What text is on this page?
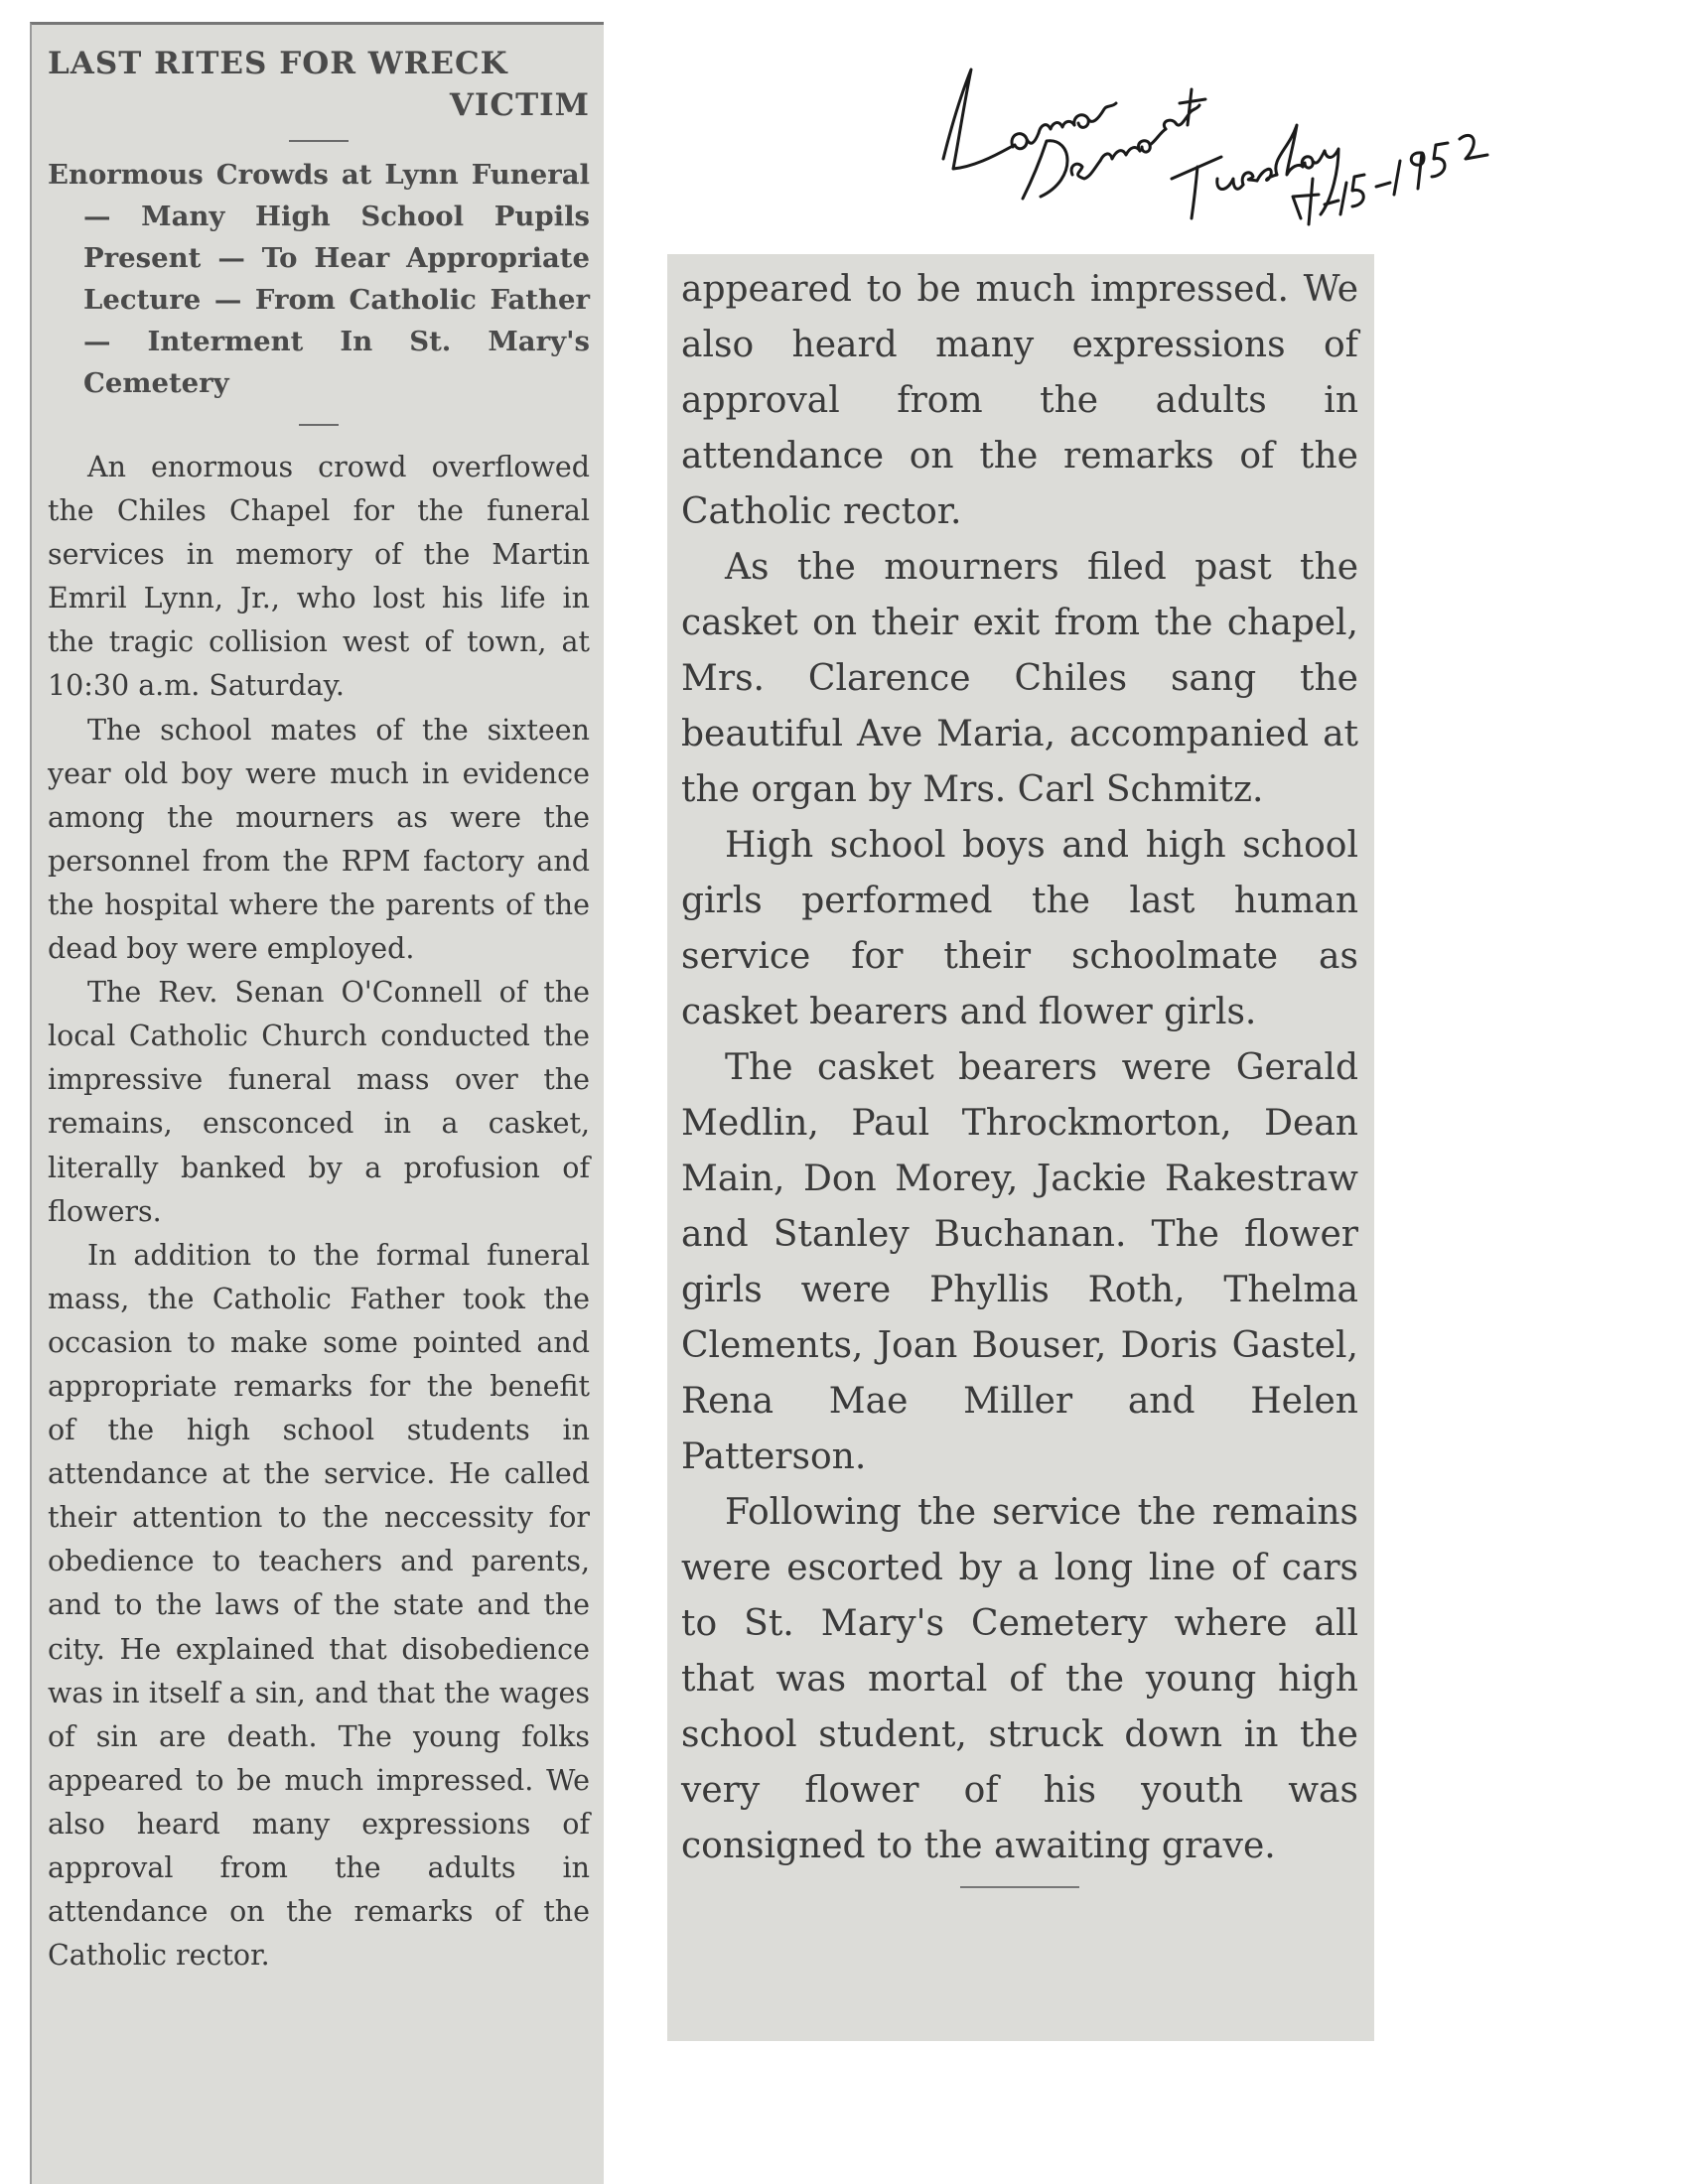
LAST RITES FOR WRECK
VICTIM

Enormous Crowds at Lynn Funeral — Many High School Pupils Present — To Hear Appropriate Lecture — From Catholic Father — Interment In St. Mary's Cemetery

An enormous crowd overflowed the Chiles Chapel for the funeral services in memory of the Martin Emril Lynn, Jr., who lost his life in the tragic collision west of town, at 10:30 a.m. Saturday.

The school mates of the sixteen year old boy were much in evidence among the mourners as were the personnel from the RPM factory and the hospital where the parents of the dead boy were employed.

The Rev. Senan O'Connell of the local Catholic Church conducted the impressive funeral mass over the remains, ensconced in a casket, literally banked by a profusion of flowers.

In addition to the formal funeral mass, the Catholic Father took the occasion to make some pointed and appropriate remarks for the benefit of the high school students in attendance at the service. He called their attention to the neccessity for obedience to teachers and parents, and to the laws of the state and the city. He explained that disobedience was in itself a sin, and that the wages of sin are death. The young folks appeared to be much impressed. We also heard many expressions of approval from the adults in attendance on the remarks of the Catholic rector.

appeared to be much impressed. We also heard many expressions of approval from the adults in attendance on the remarks of the Catholic rector.

As the mourners filed past the casket on their exit from the chapel, Mrs. Clarence Chiles sang the beautiful Ave Maria, accompanied at the organ by Mrs. Carl Schmitz.

High school boys and high school girls performed the last human service for their schoolmate as casket bearers and flower girls.

The casket bearers were Gerald Medlin, Paul Throckmorton, Dean Main, Don Morey, Jackie Rakestraw and Stanley Buchanan. The flower girls were Phyllis Roth, Thelma Clements, Joan Bouser, Doris Gastel, Rena Mae Miller and Helen Patterson.

Following the service the remains were escorted by a long line of cars to St. Mary's Cemetery where all that was mortal of the young high school student, struck down in the very flower of his youth was consigned to the awaiting grave.
